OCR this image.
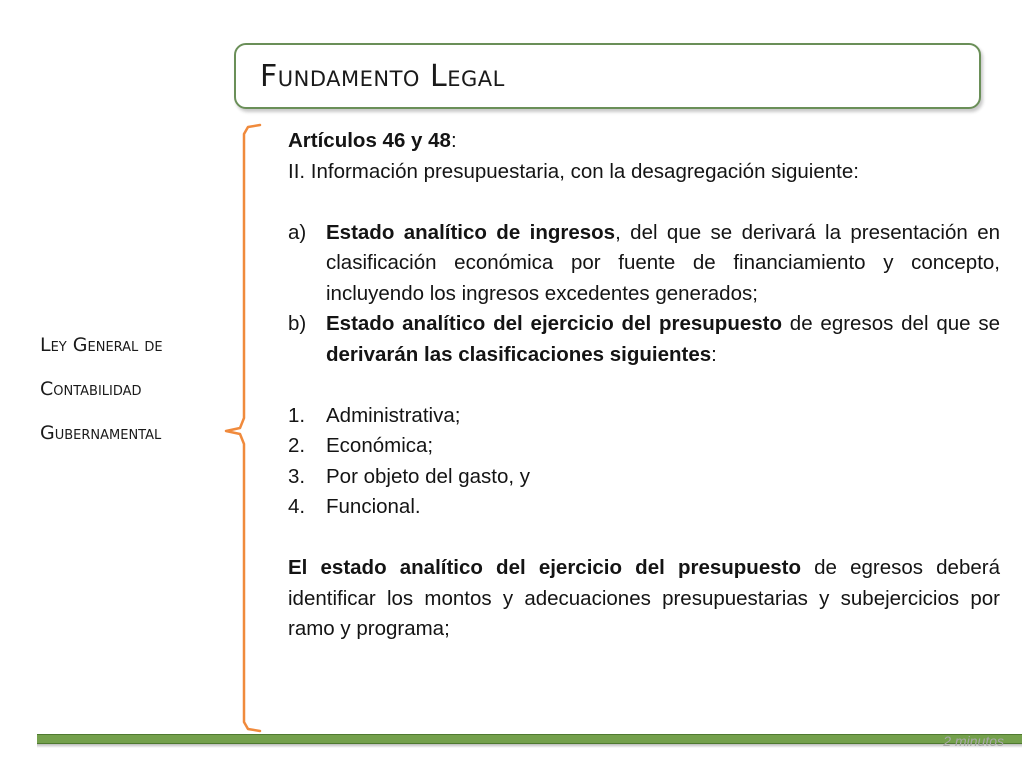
Fundamento Legal
Ley General de
Contabilidad
Gubernamental

Artículos 46 y 48:

II. Información presupuestaria, con la desagregación siguiente:

a) Estado analítico de ingresos, del que se derivará la presentación en clasificación económica por fuente de financiamiento y concepto, incluyendo los ingresos excedentes generados;
b) Estado analítico del ejercicio del presupuesto de egresos del que se derivarán las clasificaciones siguientes:
1.	Administrativa;
2.	Económica;
3.	Por objeto del gasto, y
4.	Funcional.

El estado analítico del ejercicio del presupuesto de egresos deberá identificar los montos y adecuaciones presupuestarias y subejercicios por ramo y programa;

2 minutos
